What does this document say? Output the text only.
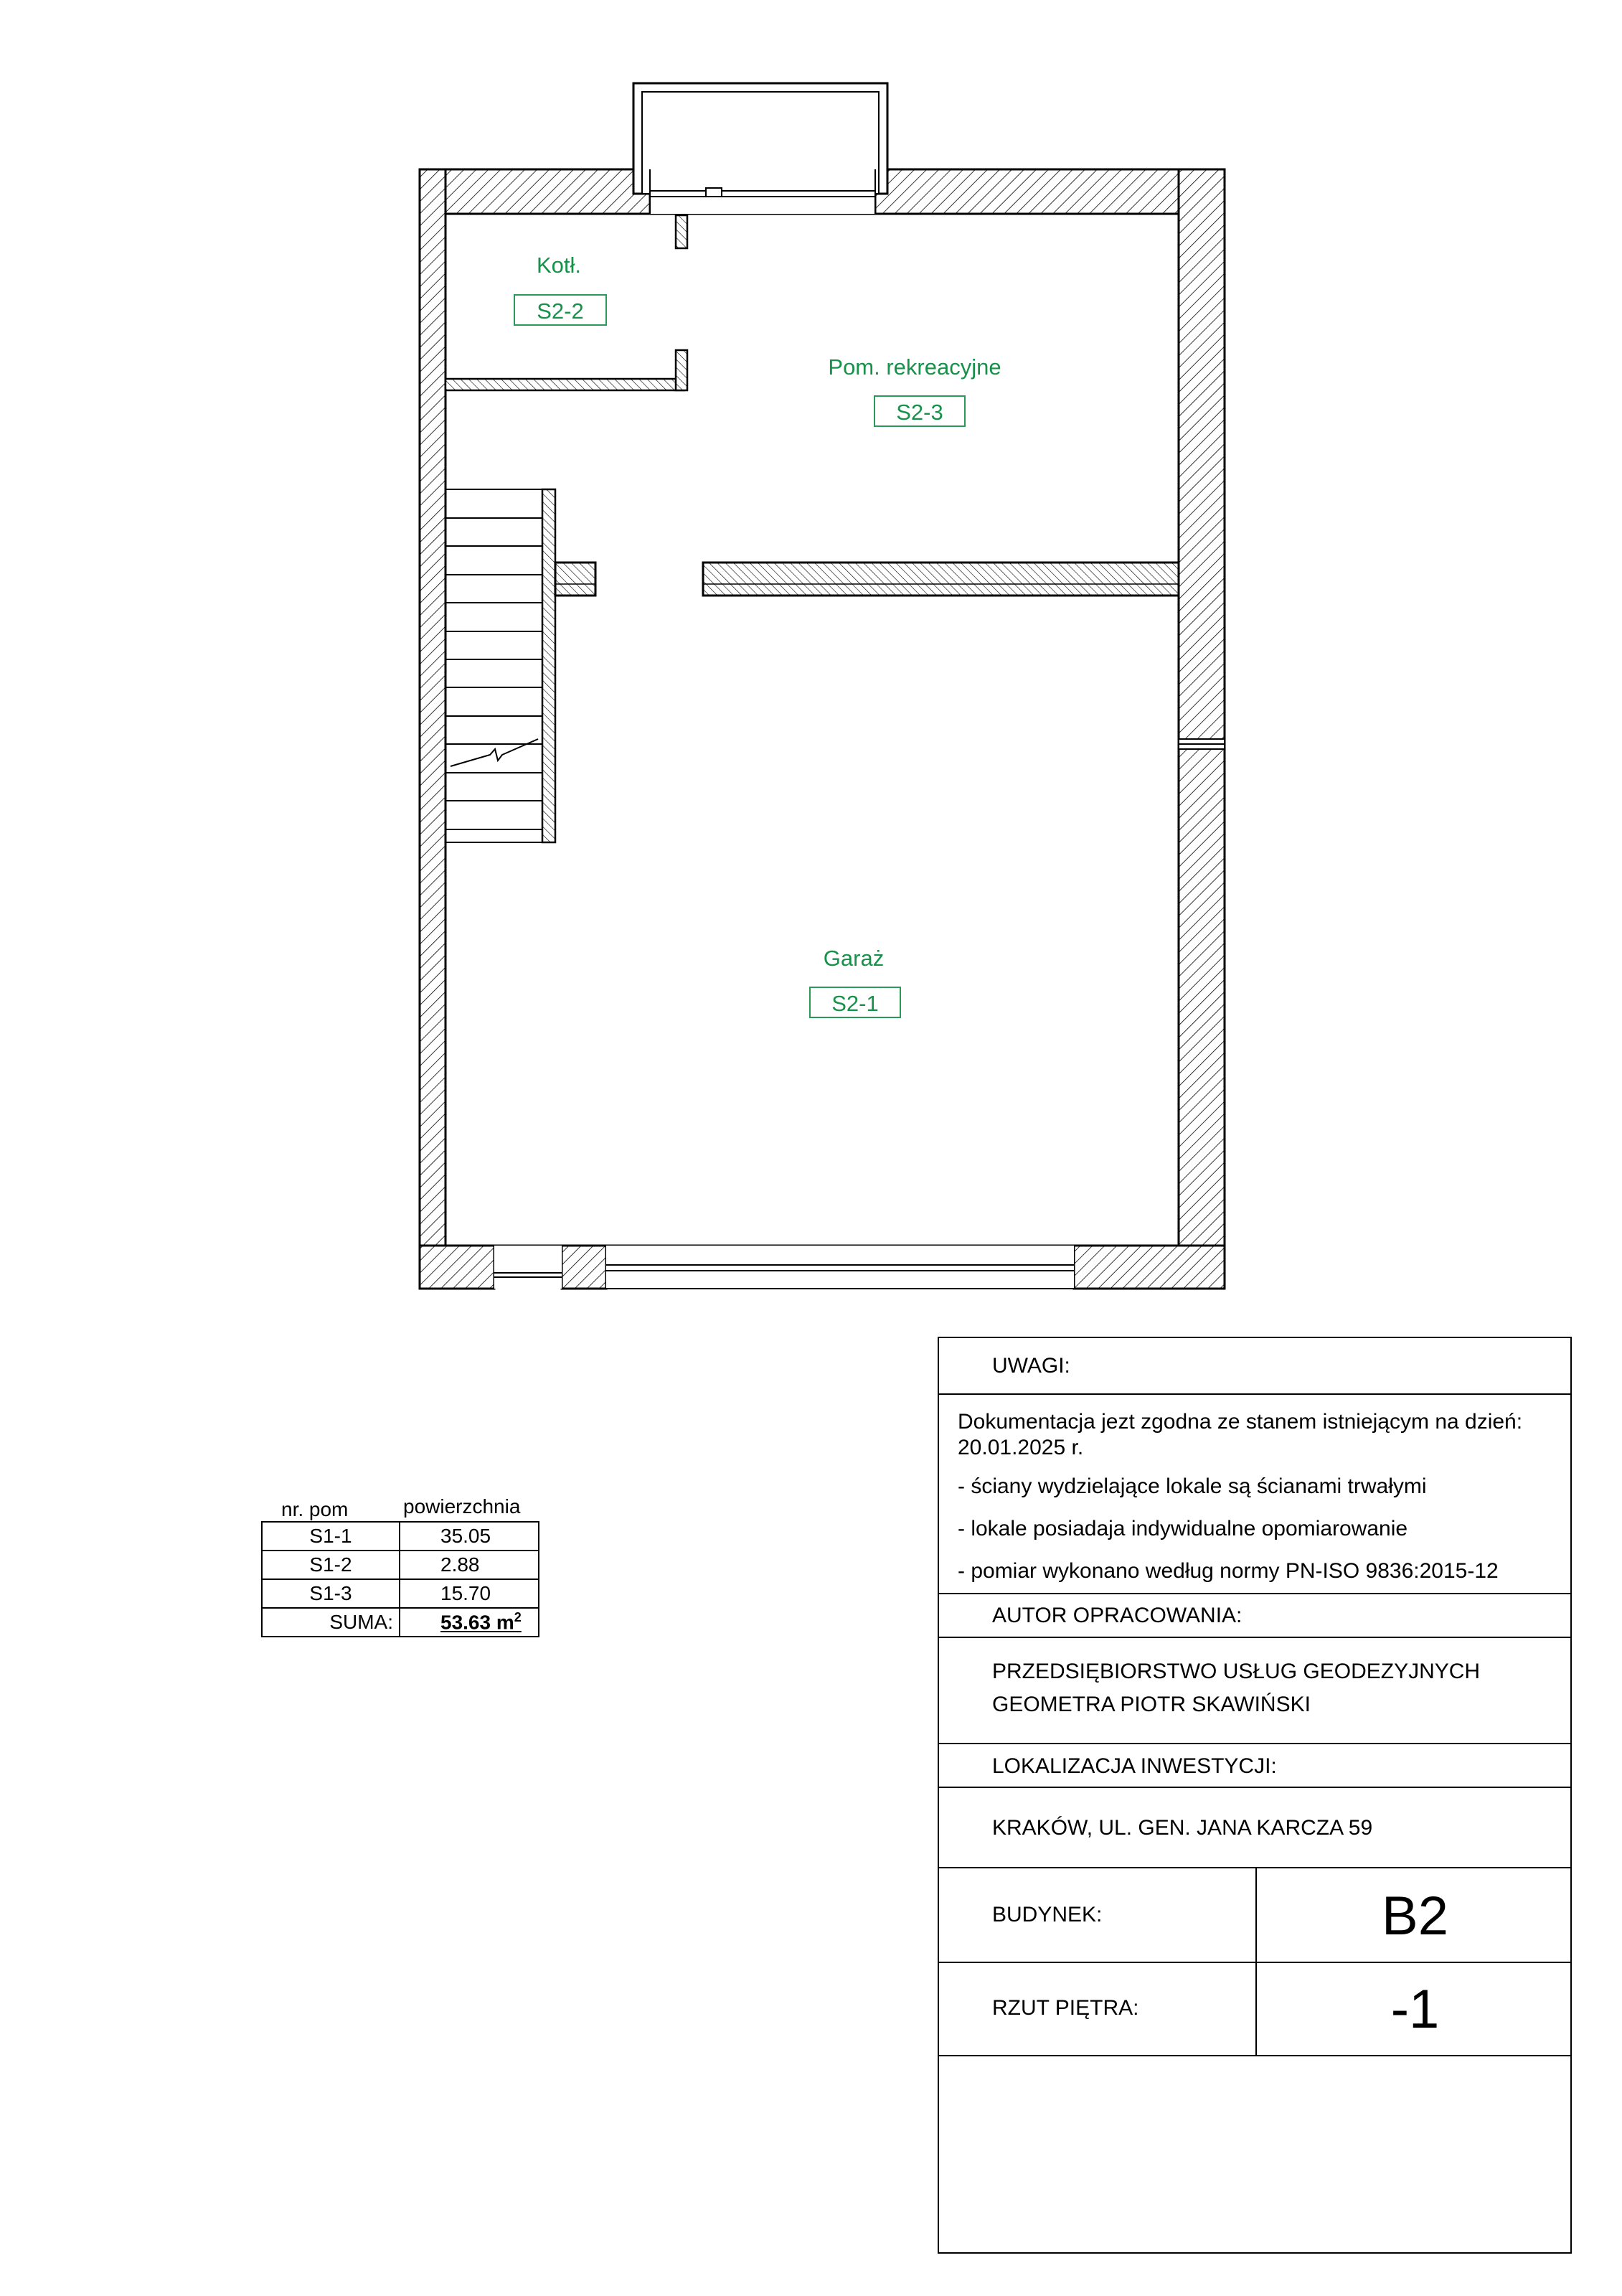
Kotł.
S2-2
Pom. rekreacyjne
S2-3
Garaż
S2-1
nr. pom	powierzchnia
S1-1	35.05
S1-2	2.88
S1-3	15.70
SUMA:	53.63 $m^2$
UWAGI:
Dokumentacja jezt zgodna ze stanem istniejącym na dzień:
20.01.2025 r.
- ściany wydzielające lokale są ścianami trwałymi
- lokale posiadaja indywidualne opomiarowanie
- pomiar wykonano według normy PN-ISO 9836:2015-12
AUTOR OPRACOWANIA:
PRZEDSIĘBIORSTWO USŁUG GEODEZYJNYCH
GEOMETRA PIOTR SKAWIŃSKI
LOKALIZACJA INWESTYCJI:
KRAKÓW, UL. GEN. JANA KARCZA 59
BUDYNEK:	B2
RZUT PIĘTRA:	-1
